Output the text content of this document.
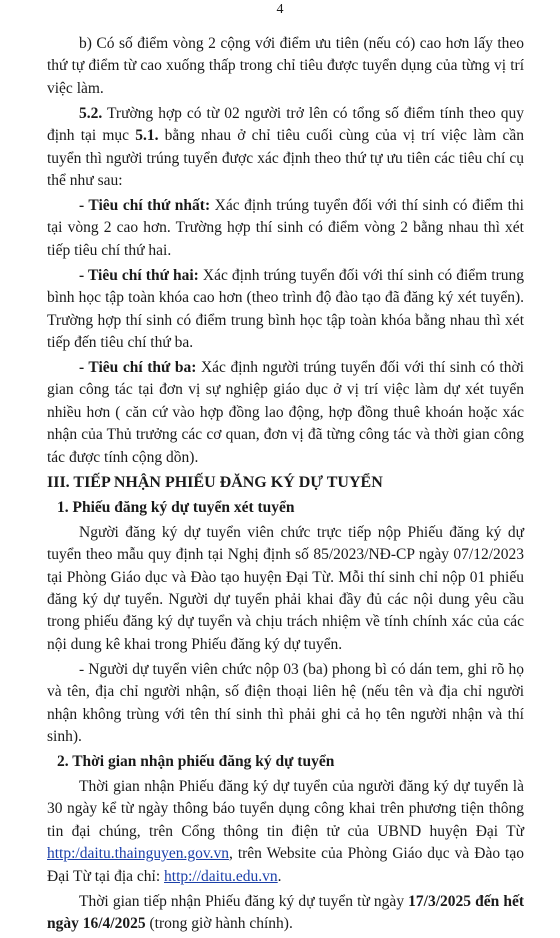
4

b) Có số điểm vòng 2 cộng với điểm ưu tiên (nếu có) cao hơn lấy theo thứ tự điểm từ cao xuống thấp trong chỉ tiêu được tuyển dụng của từng vị trí việc làm.

5.2. Trường hợp có từ 02 người trở lên có tổng số điểm tính theo quy định tại mục 5.1. bằng nhau ở chỉ tiêu cuối cùng của vị trí việc làm cần tuyển thì người trúng tuyển được xác định theo thứ tự ưu tiên các tiêu chí cụ thể như sau:

- Tiêu chí thứ nhất: Xác định trúng tuyển đối với thí sinh có điểm thi tại vòng 2 cao hơn. Trường hợp thí sinh có điểm vòng 2 bằng nhau thì xét tiếp tiêu chí thứ hai.

- Tiêu chí thứ hai: Xác định trúng tuyển đối với thí sinh có điểm trung bình học tập toàn khóa cao hơn (theo trình độ đào tạo đã đăng ký xét tuyển). Trường hợp thí sinh có điểm trung bình học tập toàn khóa bằng nhau thì xét tiếp đến tiêu chí thứ ba.

- Tiêu chí thứ ba: Xác định người trúng tuyển đối với thí sinh có thời gian công tác tại đơn vị sự nghiệp giáo dục ở vị trí việc làm dự xét tuyển nhiều hơn ( căn cứ vào hợp đồng lao động, hợp đồng thuê khoán hoặc xác nhận của Thủ trưởng các cơ quan, đơn vị đã từng công tác và thời gian công tác được tính cộng dồn).

III. TIẾP NHẬN PHIẾU ĐĂNG KÝ DỰ TUYỂN

1. Phiếu đăng ký dự tuyển xét tuyển

Người đăng ký dự tuyển viên chức trực tiếp nộp Phiếu đăng ký dự tuyển theo mẫu quy định tại Nghị định số 85/2023/NĐ-CP ngày 07/12/2023 tại Phòng Giáo dục và Đào tạo huyện Đại Từ. Mỗi thí sinh chỉ nộp 01 phiếu đăng ký dự tuyển. Người dự tuyển phải khai đầy đủ các nội dung yêu cầu trong phiếu đăng ký dự tuyển và chịu trách nhiệm về tính chính xác của các nội dung kê khai trong Phiếu đăng ký dự tuyển.

- Người dự tuyển viên chức nộp 03 (ba) phong bì có dán tem, ghi rõ họ và tên, địa chỉ người nhận, số điện thoại liên hệ (nếu tên và địa chỉ người nhận không trùng với tên thí sinh thì phải ghi cả họ tên người nhận và thí sinh).

2. Thời gian nhận phiếu đăng ký dự tuyển

Thời gian nhận Phiếu đăng ký dự tuyển của người đăng ký dự tuyển là 30 ngày kể từ ngày thông báo tuyển dụng công khai trên phương tiện thông tin đại chúng, trên Cổng thông tin điện tử của UBND huyện Đại Từ http:/daitu.thainguyen.gov.vn, trên Website của Phòng Giáo dục và Đào tạo Đại Từ tại địa chỉ: http://daitu.edu.vn.

Thời gian tiếp nhận Phiếu đăng ký dự tuyển từ ngày 17/3/2025 đến hết ngày 16/4/2025 (trong giờ hành chính).
